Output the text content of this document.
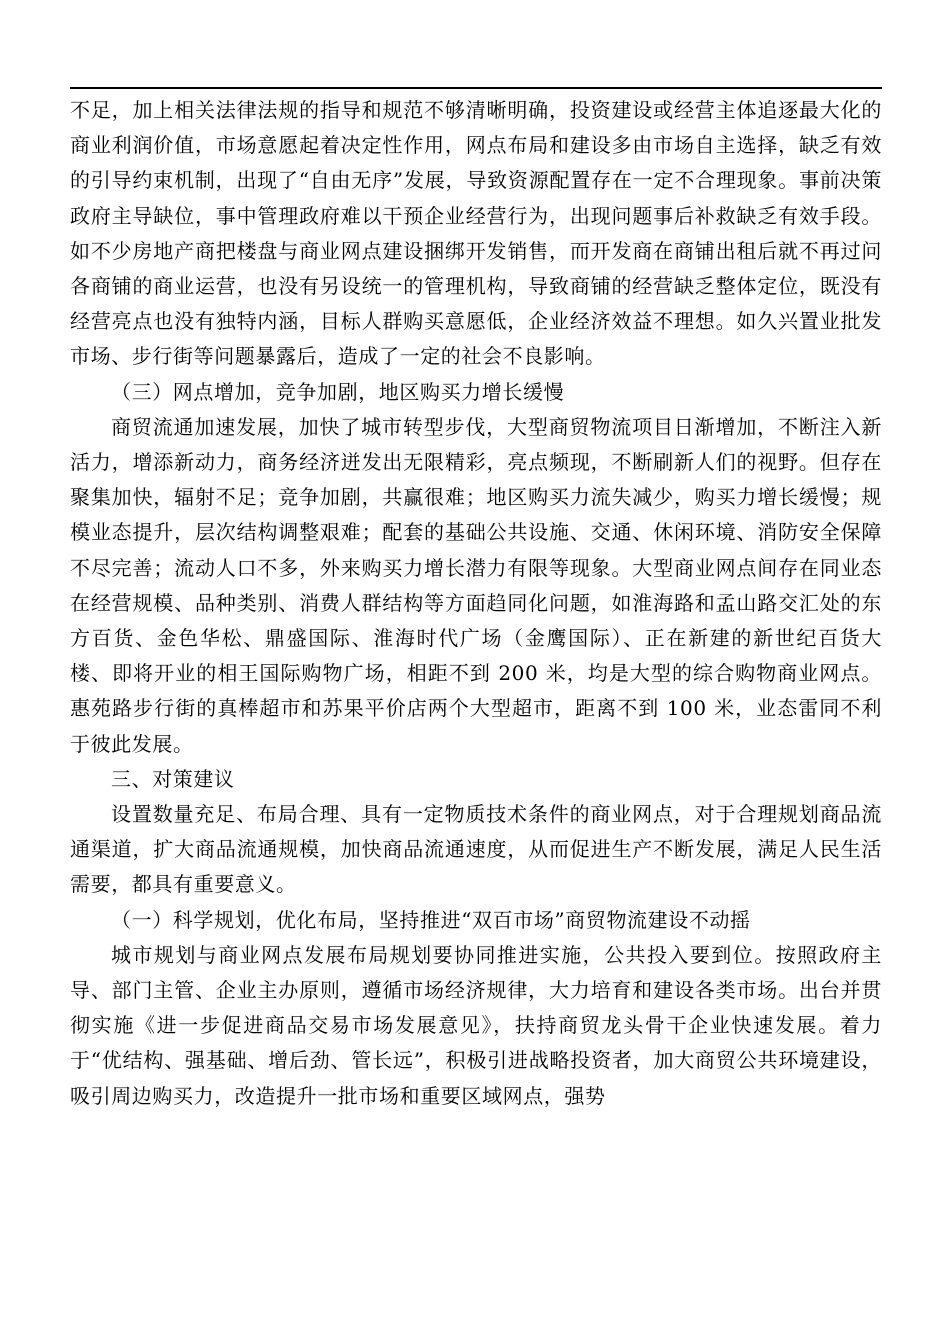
不足，加上相关法律法规的指导和规范不够清晰明确，投资建设或经营主体追逐最大化的商业利润价值，市场意愿起着决定性作用，网点布局和建设多由市场自主选择，缺乏有效的引导约束机制，出现了“自由无序”发展，导致资源配置存在一定不合理现象。事前决策政府主导缺位，事中管理政府难以干预企业经营行为，出现问题事后补救缺乏有效手段。如不少房地产商把楼盘与商业网点建设捆绑开发销售，而开发商在商铺出租后就不再过问各商铺的商业运营，也没有另设统一的管理机构，导致商铺的经营缺乏整体定位，既没有经营亮点也没有独特内涵，目标人群购买意愿低，企业经济效益不理想。如久兴置业批发市场、步行街等问题暴露后，造成了一定的社会不良影响。

（三）网点增加，竞争加剧，地区购买力增长缓慢

商贸流通加速发展，加快了城市转型步伐，大型商贸物流项目日渐增加，不断注入新活力，增添新动力，商务经济迸发出无限精彩，亮点频现，不断刷新人们的视野。但存在聚集加快，辐射不足；竞争加剧，共赢很难；地区购买力流失减少，购买力增长缓慢；规模业态提升，层次结构调整艰难；配套的基础公共设施、交通、休闲环境、消防安全保障不尽完善；流动人口不多，外来购买力增长潜力有限等现象。大型商业网点间存在同业态在经营规模、品种类别、消费人群结构等方面趋同化问题，如淮海路和孟山路交汇处的东方百货、金色华松、鼎盛国际、淮海时代广场（金鹰国际）、正在新建的新世纪百货大楼、即将开业的相王国际购物广场，相距不到 200 米，均是大型的综合购物商业网点。惠苑路步行街的真棒超市和苏果平价店两个大型超市，距离不到 100 米，业态雷同不利于彼此发展。

三、对策建议

设置数量充足、布局合理、具有一定物质技术条件的商业网点，对于合理规划商品流通渠道，扩大商品流通规模，加快商品流通速度，从而促进生产不断发展，满足人民生活需要，都具有重要意义。

（一）科学规划，优化布局，坚持推进“双百市场”商贸物流建设不动摇

城市规划与商业网点发展布局规划要协同推进实施，公共投入要到位。按照政府主导、部门主管、企业主办原则，遵循市场经济规律，大力培育和建设各类市场。出台并贯彻实施《进一步促进商品交易市场发展意见》，扶持商贸龙头骨干企业快速发展。着力于“优结构、强基础、增后劲、管长远”，积极引进战略投资者，加大商贸公共环境建设，吸引周边购买力，改造提升一批市场和重要区域网点，强势
